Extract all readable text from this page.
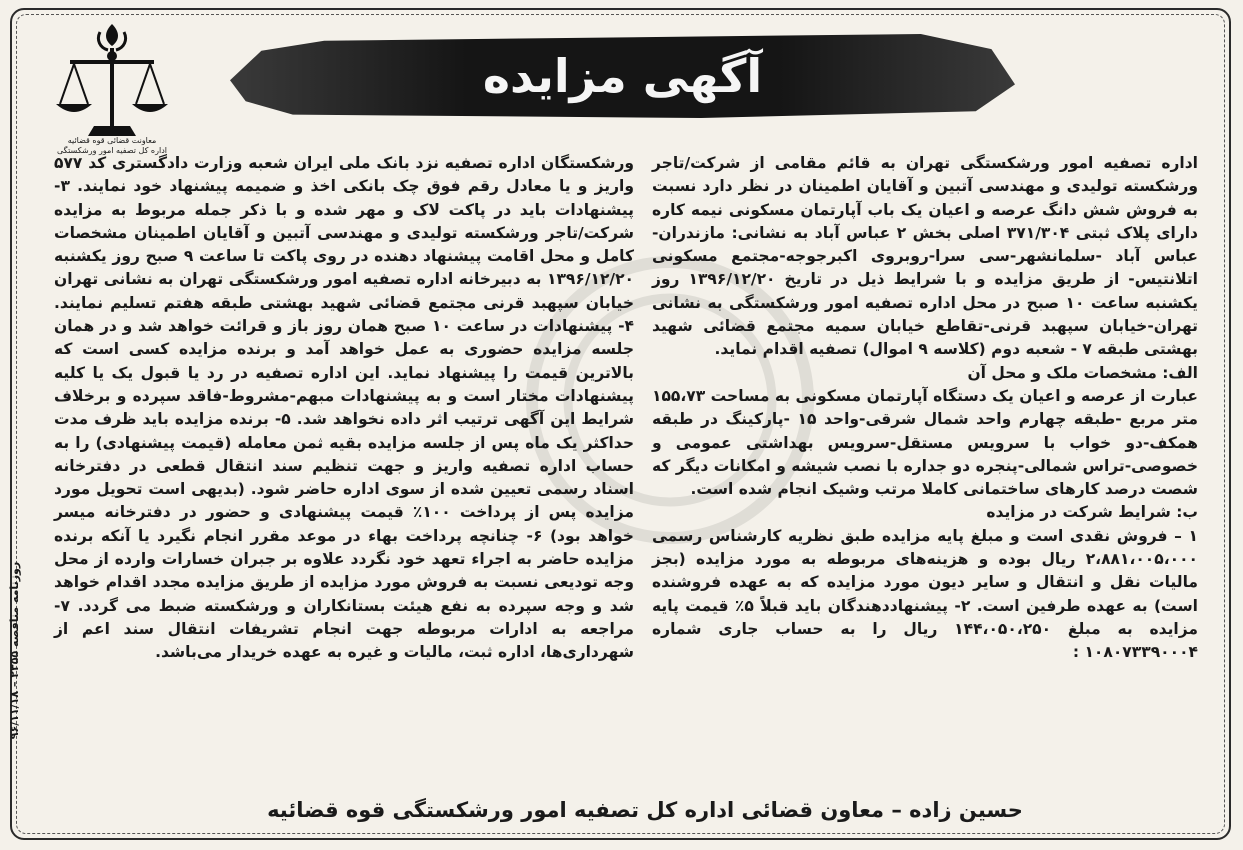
معاونت قضائی قوه قضائیه
اداره کل تصفیه امور ورشکستگی
آگهی مزایده

اداره تصفیه امور ورشکستگی تهران به قائم مقامی از شرکت/تاجر ورشکسته تولیدی و مهندسی آتبین و آقایان اطمینان در نظر دارد نسبت به فروش شش دانگ عرصه و اعیان یک باب آپارتمان مسکونی نیمه کاره دارای پلاک ثبتی ۳۷۱/۳۰۴ اصلی بخش ۲ عباس آباد به نشانی: مازندران-عباس آباد -سلمانشهر-سی سرا-روبروی اکبرجوجه-مجتمع مسکونی اتلانتیس- از طریق مزایده و با شرایط ذیل در تاریخ ۱۳۹۶/۱۲/۲۰ روز یکشنبه ساعت ۱۰ صبح در محل اداره تصفیه امور ورشکستگی به نشانی تهران-خیابان سپهبد قرنی-تقاطع خیابان سمیه مجتمع قضائی شهید بهشتی طبقه ۷ - شعبه دوم (کلاسه ۹ اموال) تصفیه اقدام نماید.

الف: مشخصات ملک و محل آن

عبارت از عرصه و اعیان یک دستگاه آپارتمان مسکونی به مساحت ۱۵۵،۷۳ متر مربع -طبقه چهارم واحد شمال شرقی-واحد ۱۵ -پارکینگ در طبقه همکف-دو خواب با سرویس مستقل-سرویس بهداشتی عمومی و خصوصی-تراس شمالی-پنجره دو جداره با نصب شیشه و امکانات دیگر که شصت درصد کارهای ساختمانی کاملا مرتب وشیک انجام شده است.

ب: شرایط شرکت در مزایده

۱ – فروش نقدی است و مبلغ پایه مزایده طبق نظریه کارشناس رسمی ۲،۸۸۱،۰۰۵،۰۰۰ ریال بوده و هزینه‌های مربوطه به مورد مزایده (بجز مالیات نقل و انتقال و سایر دیون مورد مزایده که به عهده فروشنده است) به عهده طرفین است. ۲- پیشنهاددهندگان باید قبلاً ۵٪ قیمت پایه مزایده به مبلغ ۱۴۴،۰۵۰،۲۵۰ ریال را به حساب جاری شماره ۱۰۸۰۷۳۳۹۰۰۰۴ :

ورشکستگان اداره تصفیه نزد بانک ملی ایران شعبه وزارت دادگستری کد ۵۷۷ واریز و یا معادل رقم فوق چک بانکی اخذ و ضمیمه پیشنهاد خود نمایند. ۳- پیشنهادات باید در پاکت لاک و مهر شده و با ذکر جمله مربوط به مزایده شرکت/تاجر ورشکسته تولیدی و مهندسی آتبین و آقایان اطمینان مشخصات کامل و محل اقامت پیشنهاد دهنده در روی پاکت تا ساعت ۹ صبح روز یکشنبه ۱۳۹۶/۱۲/۲۰ به دبیرخانه اداره تصفیه امور ورشکستگی تهران به نشانی تهران خیابان سپهبد قرنی مجتمع قضائی شهید بهشتی طبقه هفتم تسلیم نمایند. ۴- پیشنهادات در ساعت ۱۰ صبح همان روز باز و قرائت خواهد شد و در همان جلسه مزایده حضوری به عمل خواهد آمد و برنده مزایده کسی است که بالاترین قیمت را پیشنهاد نماید. این اداره تصفیه در رد یا قبول یک یا کلیه پیشنهادات مختار است و به پیشنهادات مبهم-مشروط-فاقد سپرده و برخلاف شرایط این آگهی ترتیب اثر داده نخواهد شد. ۵- برنده مزایده باید ظرف مدت حداکثر یک ماه پس از جلسه مزایده بقیه ثمن معامله (قیمت پیشنهادی) را به حساب اداره تصفیه واریز و جهت تنظیم سند انتقال قطعی در دفترخانه اسناد رسمی تعیین شده از سوی اداره حاضر شود. (بدیهی است تحویل مورد مزایده پس از پرداخت ۱۰۰٪ قیمت پیشنهادی و حضور در دفترخانه میسر خواهد بود) ۶- چنانچه پرداخت بهاء در موعد مقرر انجام نگیرد یا آنکه برنده مزایده حاضر به اجراء تعهد خود نگردد علاوه بر جبران خسارات وارده از محل وجه تودیعی نسبت به فروش مورد مزایده از طریق مزایده مجدد اقدام خواهد شد و وجه سپرده به نفع هیئت بستانکاران و ورشکسته ضبط می گردد. ۷- مراجعه به ادارات مربوطه جهت انجام تشریفات انتقال سند اعم از شهرداری‌ها، اداره ثبت، مالیات و غیره به عهده خریدار می‌باشد.

روزنامه مناقصه ۲۳۵۵ – ۹۶/۱۱/۱۸
حسین زاده – معاون قضائی اداره کل تصفیه امور ورشکستگی قوه قضائیه
